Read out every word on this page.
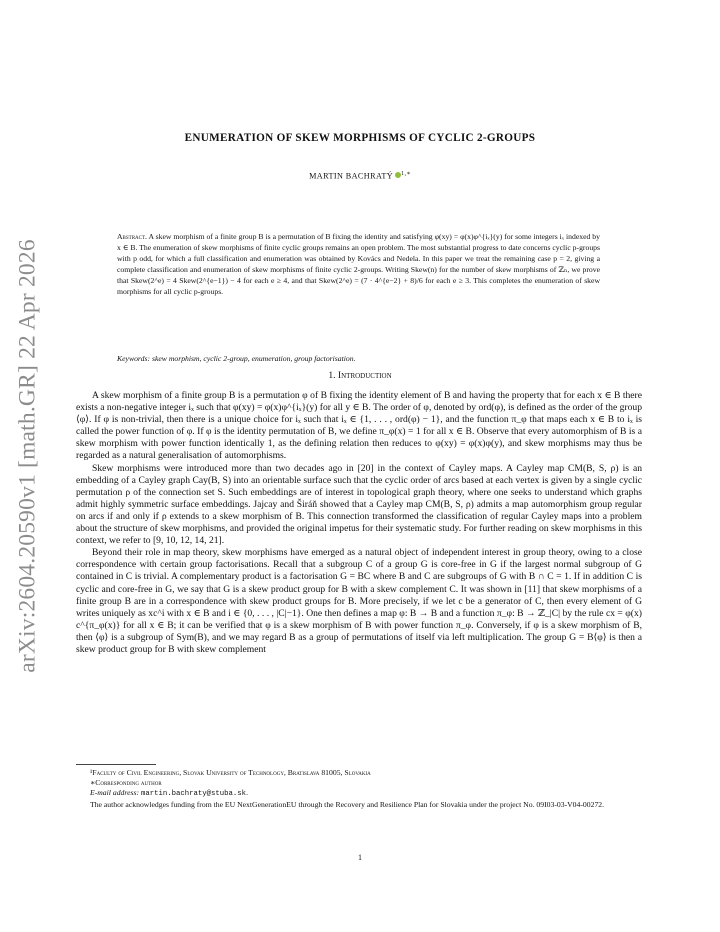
arXiv:2604.20590v1 [math.GR] 22 Apr 2026
ENUMERATION OF SKEW MORPHISMS OF CYCLIC 2-GROUPS
MARTIN BACHRATÝ $^{1,∗}$
Abstract. A skew morphism of a finite group B is a permutation of B fixing the identity and satisfying φ(xy) = φ(x)φ^{iₓ}(y) for some integers iₓ indexed by x ∈ B. The enumeration of skew morphisms of finite cyclic groups remains an open problem. The most substantial progress to date concerns cyclic p-groups with p odd, for which a full classification and enumeration was obtained by Kovács and Nedela. In this paper we treat the remaining case p = 2, giving a complete classification and enumeration of skew morphisms of finite cyclic 2-groups. Writing Skew(n) for the number of skew morphisms of ℤₙ, we prove that Skew(2^e) = 4 Skew(2^{e−1}) − 4 for each e ≥ 4, and that Skew(2^e) = (7 · 4^{e−2} + 8)/6 for each e ≥ 3. This completes the enumeration of skew morphisms for all cyclic p-groups.
Keywords: skew morphism, cyclic 2-group, enumeration, group factorisation.
1. Introduction

A skew morphism of a finite group B is a permutation φ of B fixing the identity element of B and having the property that for each x ∈ B there exists a non-negative integer iₓ such that φ(xy) = φ(x)φ^{iₓ}(y) for all y ∈ B. The order of φ, denoted by ord(φ), is defined as the order of the group ⟨φ⟩. If φ is non-trivial, then there is a unique choice for iₓ such that iₓ ∈ {1, . . . , ord(φ) − 1}, and the function π_φ that maps each x ∈ B to iₓ is called the power function of φ. If φ is the identity permutation of B, we define π_φ(x) = 1 for all x ∈ B. Observe that every automorphism of B is a skew morphism with power function identically 1, as the defining relation then reduces to φ(xy) = φ(x)φ(y), and skew morphisms may thus be regarded as a natural generalisation of automorphisms.

Skew morphisms were introduced more than two decades ago in [20] in the context of Cayley maps. A Cayley map CM(B, S, ρ) is an embedding of a Cayley graph Cay(B, S) into an orientable surface such that the cyclic order of arcs based at each vertex is given by a single cyclic permutation ρ of the connection set S. Such embeddings are of interest in topological graph theory, where one seeks to understand which graphs admit highly symmetric surface embeddings. Jajcay and Širáň showed that a Cayley map CM(B, S, ρ) admits a map automorphism group regular on arcs if and only if ρ extends to a skew morphism of B. This connection transformed the classification of regular Cayley maps into a problem about the structure of skew morphisms, and provided the original impetus for their systematic study. For further reading on skew morphisms in this context, we refer to [9, 10, 12, 14, 21].

Beyond their role in map theory, skew morphisms have emerged as a natural object of independent interest in group theory, owing to a close correspondence with certain group factorisations. Recall that a subgroup C of a group G is core-free in G if the largest normal subgroup of G contained in C is trivial. A complementary product is a factorisation G = BC where B and C are subgroups of G with B ∩ C = 1. If in addition C is cyclic and core-free in G, we say that G is a skew product group for B with a skew complement C. It was shown in [11] that skew morphisms of a finite group B are in a correspondence with skew product groups for B. More precisely, if we let c be a generator of C, then every element of G writes uniquely as xc^i with x ∈ B and i ∈ {0, . . . , |C|−1}. One then defines a map φ: B → B and a function π_φ: B → ℤ_|C| by the rule cx = φ(x) c^{π_φ(x)} for all x ∈ B; it can be verified that φ is a skew morphism of B with power function π_φ. Conversely, if φ is a skew morphism of B, then ⟨φ⟩ is a subgroup of Sym(B), and we may regard B as a group of permutations of itself via left multiplication. The group G = B⟨φ⟩ is then a skew product group for B with skew complement

¹Faculty of Civil Engineering, Slovak University of Technology, Bratislava 81005, Slovakia
∗Corresponding author
E-mail address: martin.bachraty@stuba.sk.
The author acknowledges funding from the EU NextGenerationEU through the Recovery and Resilience Plan for Slovakia under the project No. 09I03-03-V04-00272.
1
